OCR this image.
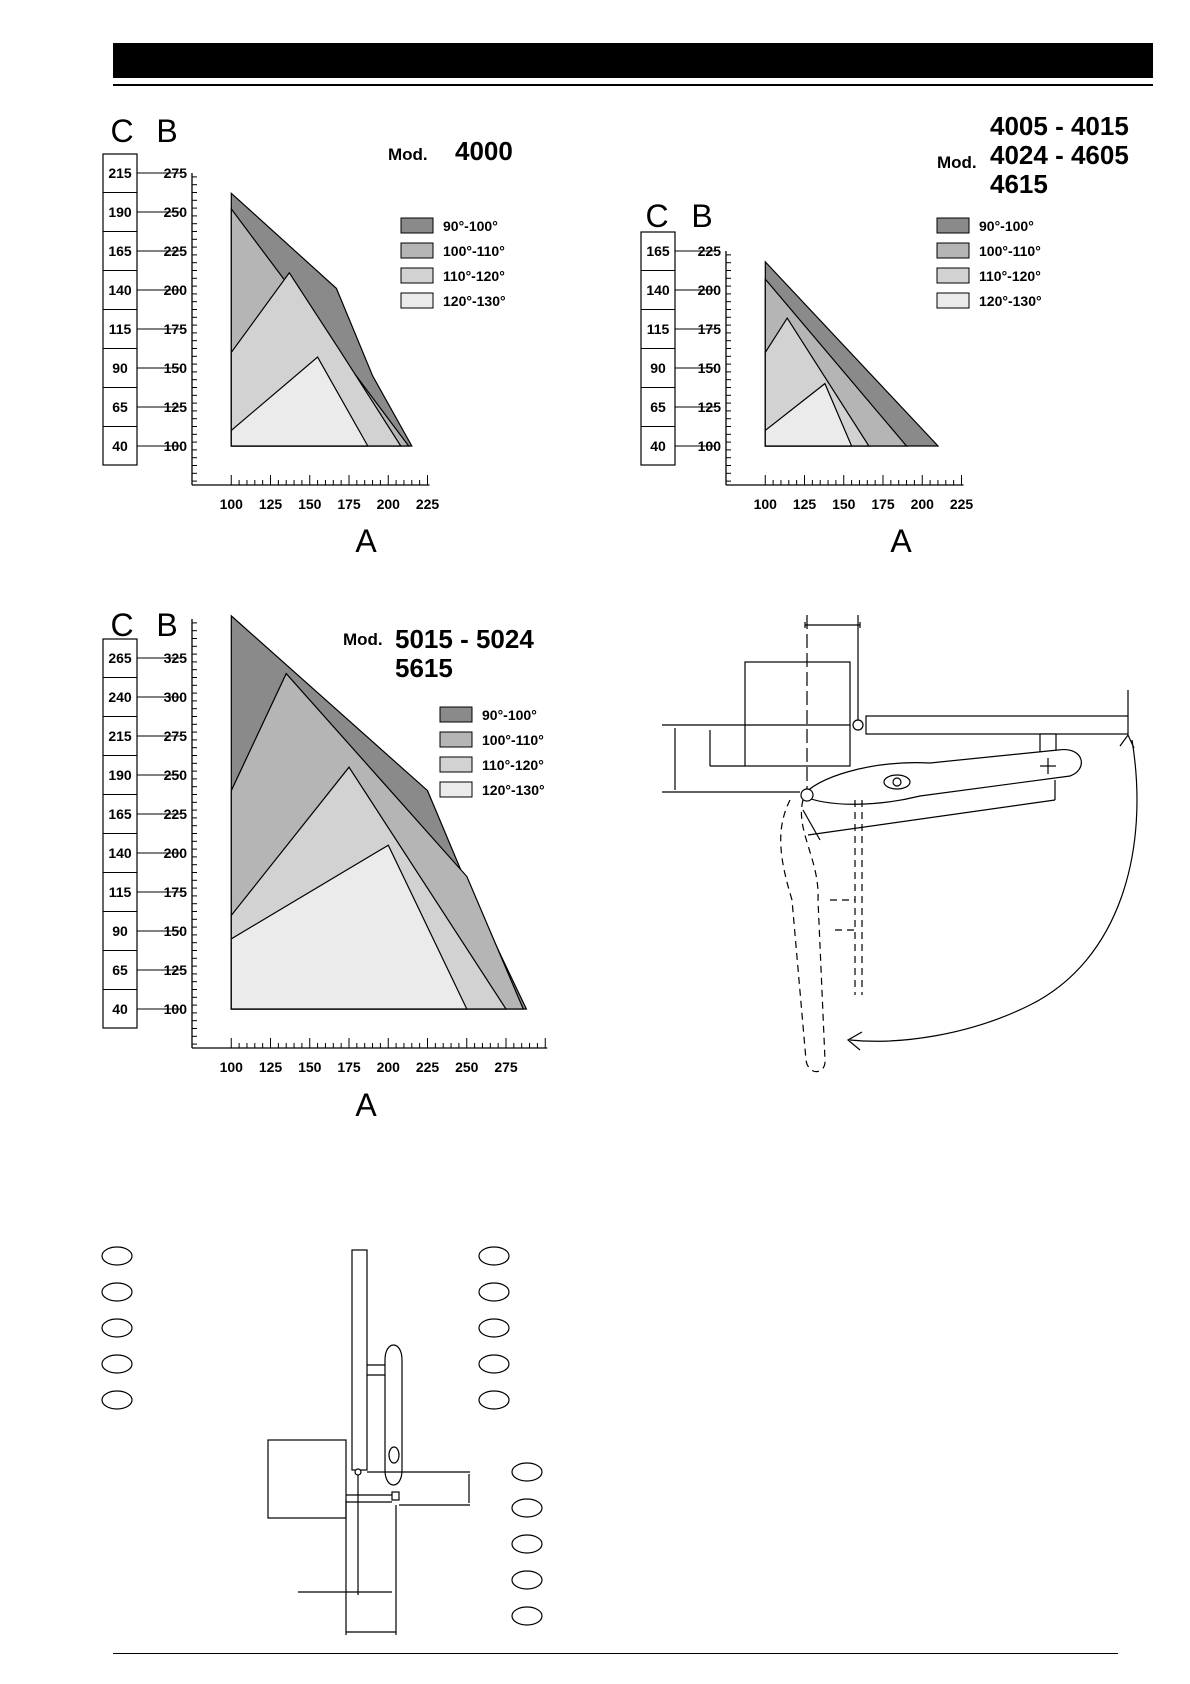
100
125
150
175
200
225
250
275
40
65
90
115
140
165
190
215
100 125 150 175 200 225
C B
A
Mod. 4000
90°-100°
100°-110°
110°-120°
120°-130°
100
125
150
175
200
225
40
65
90
115
140
165
100 125 150 175 200 225
C B
A
Mod.
4005 - 4015
4024 - 4605
4615
90°-100°
100°-110°
110°-120°
120°-130°
100
125
150
175
200
225
250
275
300
325
40
65
90
115
140
165
190
215
240
265
100 125 150 175 200 225 250 275
C B
A
Mod. 5015 - 5024
5615
90°-100°
100°-110°
110°-120°
120°-130°
